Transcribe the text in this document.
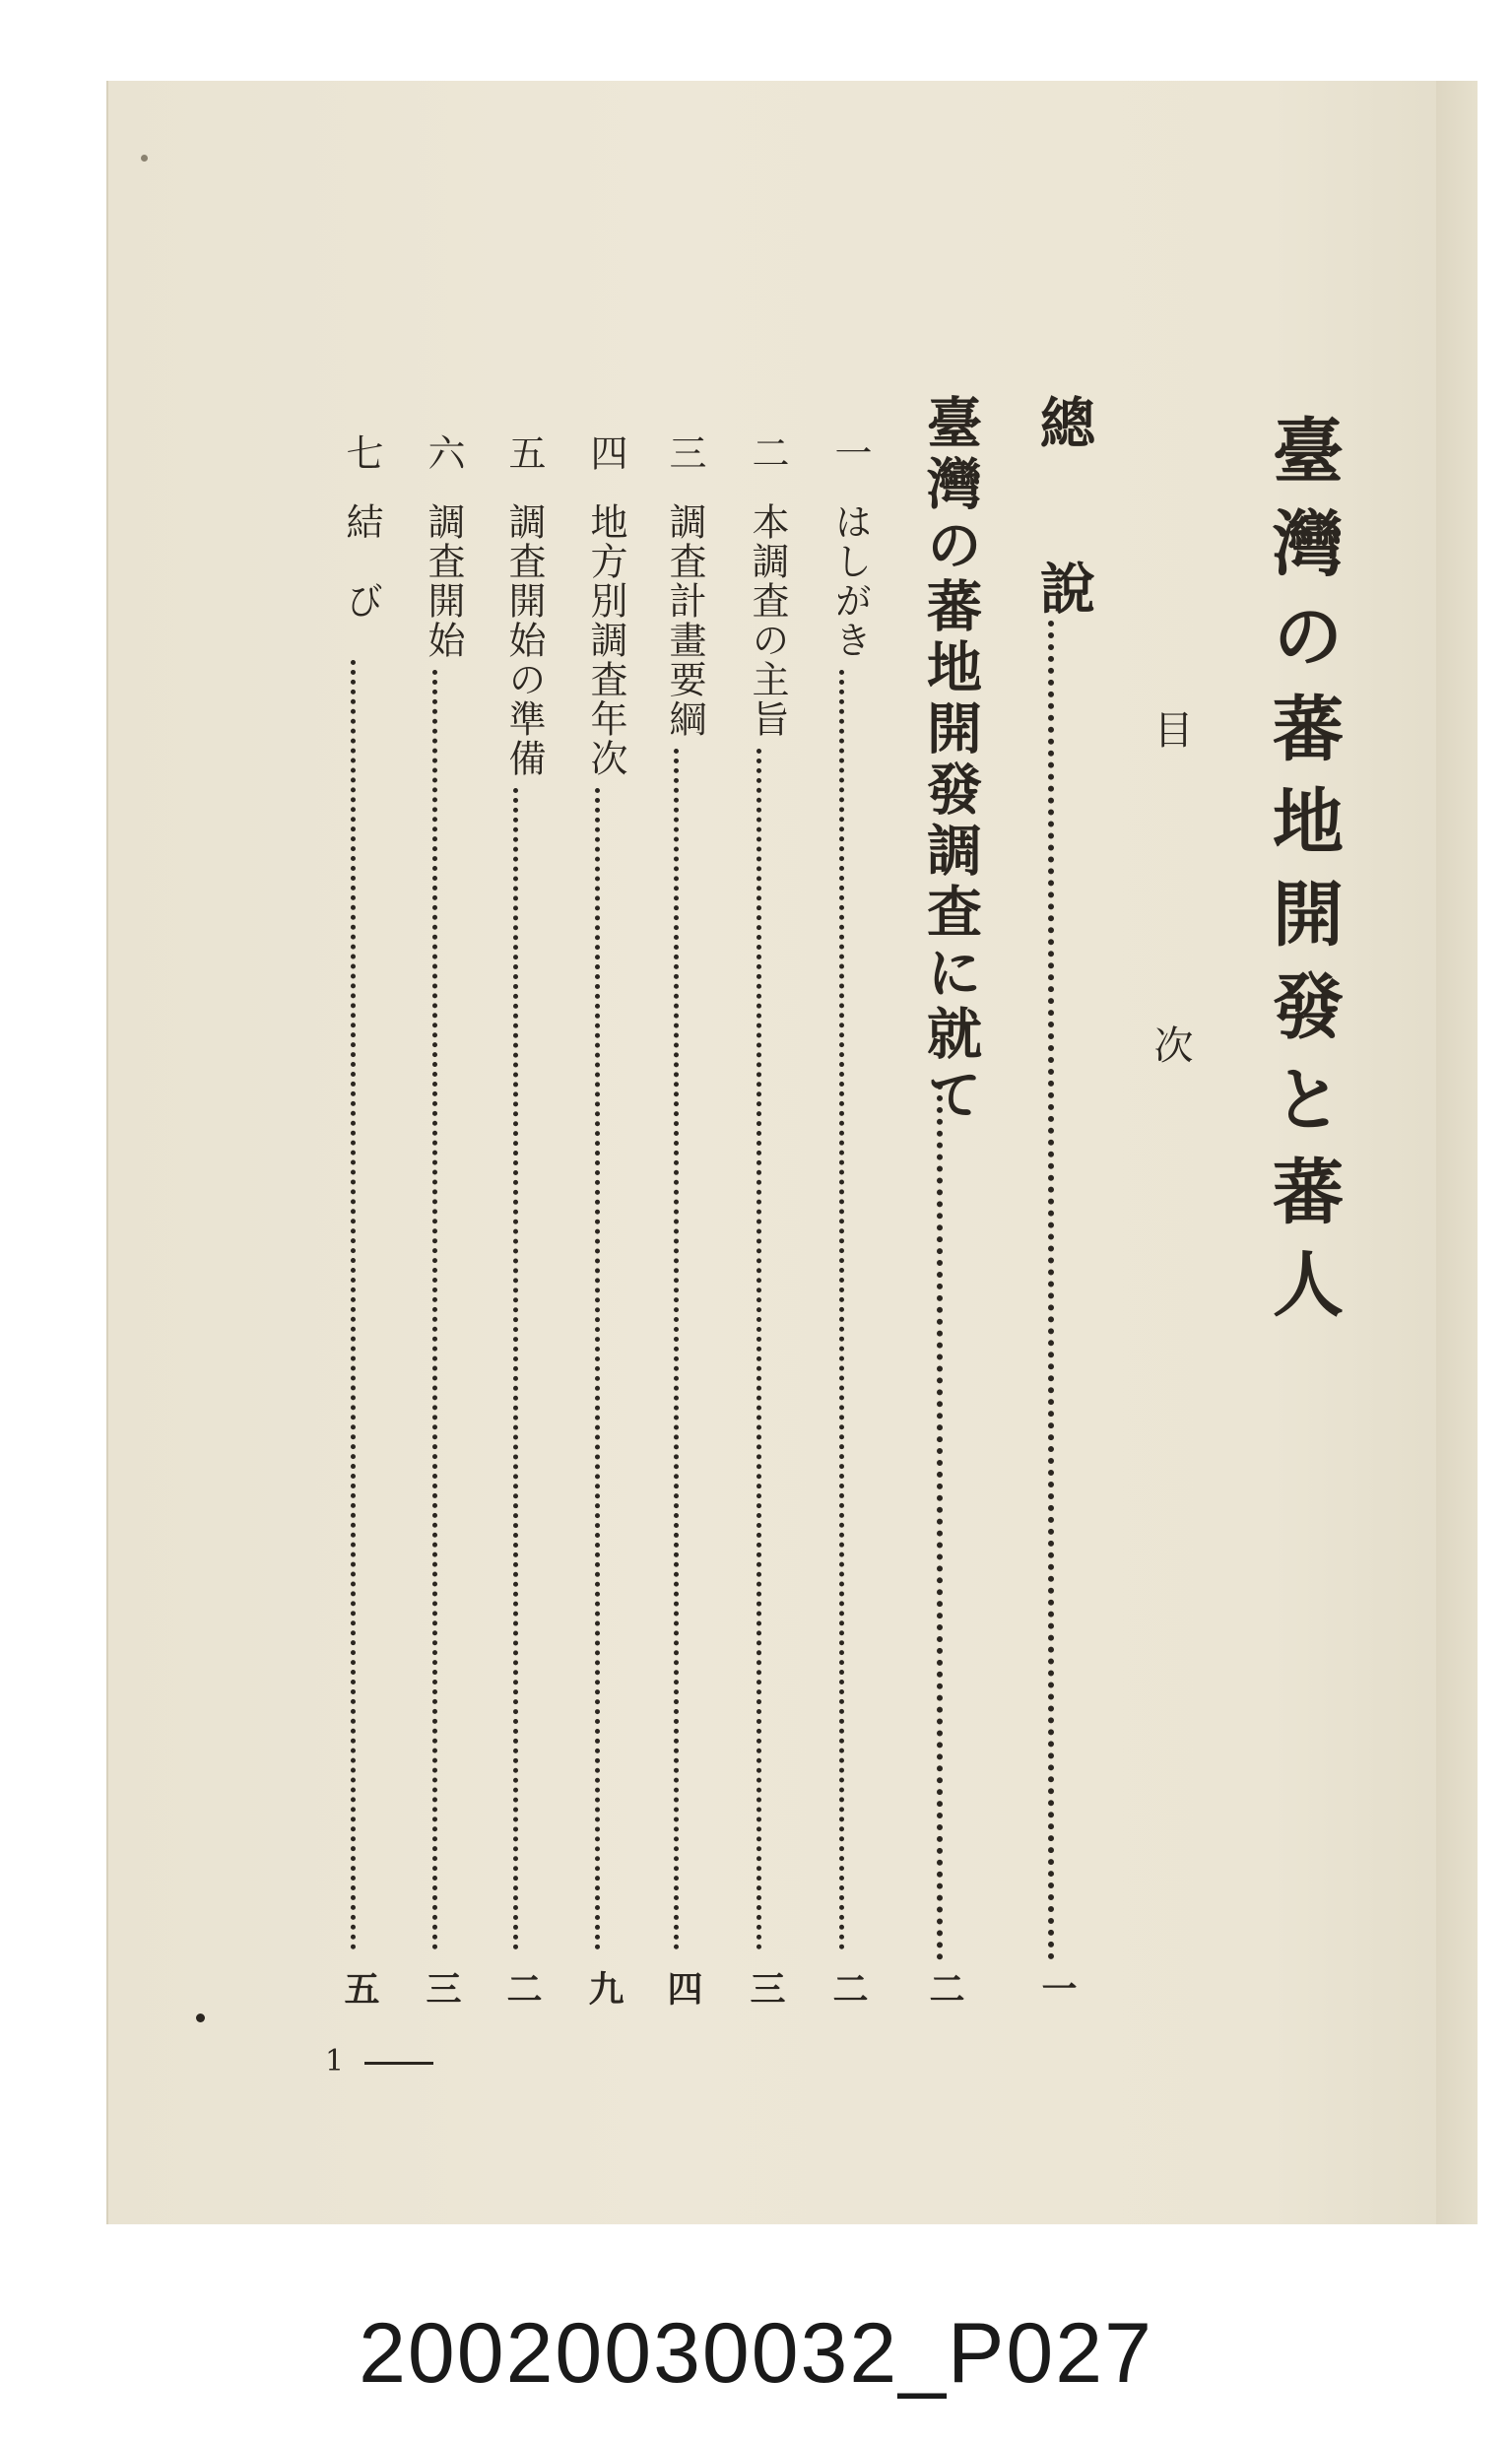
臺灣の蕃地開發と蕃人
目　次
總　說
一
臺灣の蕃地開發調査に就て
二
一
はしがき
二
二
本調査の主旨
三
三
調査計畫要綱
四
四
地方別調査年次
九
五
調査開始の準備
二
六
調査開始
三
七
結　び
五
1
20020030032_P027
